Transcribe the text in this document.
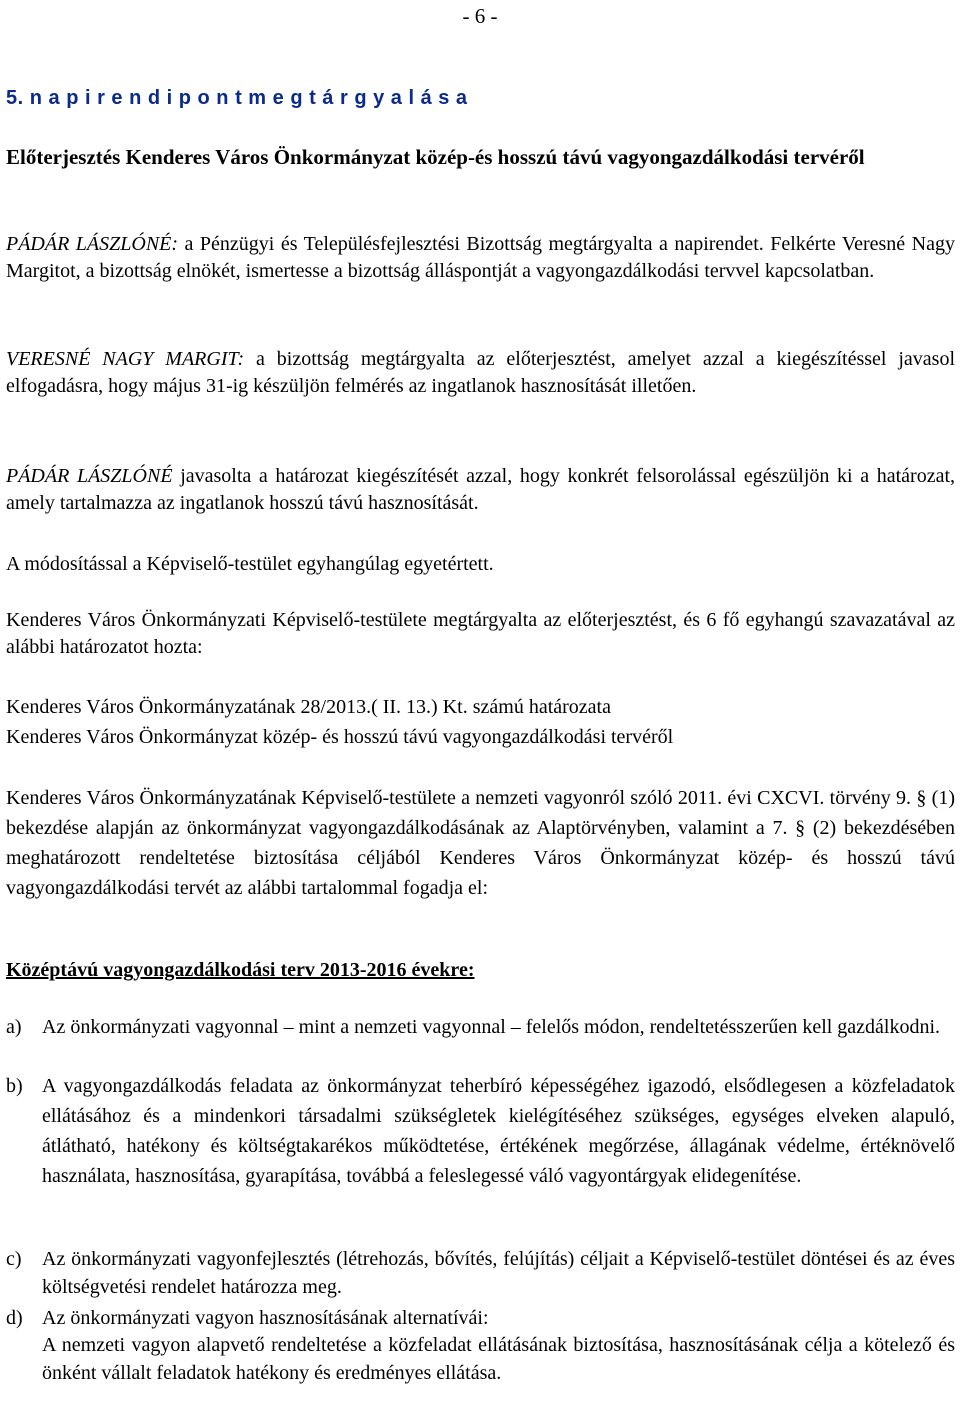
- 6 -

5. n a p i r e n d i p o n t m e g t á r g y a l á s a

Előterjesztés Kenderes Város Önkormányzat közép-és hosszú távú vagyongazdálkodási tervéről

PÁDÁR LÁSZLÓNÉ: a Pénzügyi és Településfejlesztési Bizottság megtárgyalta a napirendet. Felkérte Veresné Nagy Margitot, a bizottság elnökét, ismertesse a bizottság álláspontját a vagyongazdálkodási tervvel kapcsolatban.

VERESNÉ NAGY MARGIT: a bizottság megtárgyalta az előterjesztést, amelyet azzal a kiegészítéssel javasol elfogadásra, hogy május 31-ig készüljön felmérés az ingatlanok hasznosítását illetően.

PÁDÁR LÁSZLÓNÉ javasolta a határozat kiegészítését azzal, hogy konkrét felsorolással egészüljön ki a határozat, amely tartalmazza az ingatlanok hosszú távú hasznosítását.

A módosítással a Képviselő-testület egyhangúlag egyetértett.

Kenderes Város Önkormányzati Képviselő-testülete megtárgyalta az előterjesztést, és 6 fő egyhangú szavazatával az alábbi határozatot hozta:

Kenderes Város Önkormányzatának 28/2013.( II. 13.) Kt. számú határozata

Kenderes Város Önkormányzat közép- és hosszú távú vagyongazdálkodási tervéről

Kenderes Város Önkormányzatának Képviselő-testülete a nemzeti vagyonról szóló 2011. évi CXCVI. törvény 9. § (1) bekezdése alapján az önkormányzat vagyongazdálkodásának az Alaptörvényben, valamint a 7. § (2) bekezdésében meghatározott rendeltetése biztosítása céljából Kenderes Város Önkormányzat közép- és hosszú távú vagyongazdálkodási tervét az alábbi tartalommal fogadja el:

Középtávú vagyongazdálkodási terv 2013-2016 évekre:

a)	Az önkormányzati vagyonnal – mint a nemzeti vagyonnal – felelős módon, rendeltetésszerűen kell gazdálkodni.
b) A vagyongazdálkodás feladata az önkormányzat teherbíró képességéhez igazodó, elsődlegesen a közfeladatok ellátásához és a mindenkori társadalmi szükségletek kielégítéséhez szükséges, egységes elveken alapuló, átlátható, hatékony és költségtakarékos működtetése, értékének megőrzése, állagának védelme, értéknövelő használata, hasznosítása, gyarapítása, továbbá a feleslegessé váló vagyontárgyak elidegenítése.
c)	Az önkormányzati vagyonfejlesztés (létrehozás, bővítés, felújítás) céljait a Képviselő-testület döntései és az éves költségvetési rendelet határozza meg.
d) Az önkormányzati vagyon hasznosításának alternatívái:

A nemzeti vagyon alapvető rendeltetése a közfeladat ellátásának biztosítása, hasznosításának célja a kötelező és önként vállalt feladatok hatékony és eredményes ellátása.
